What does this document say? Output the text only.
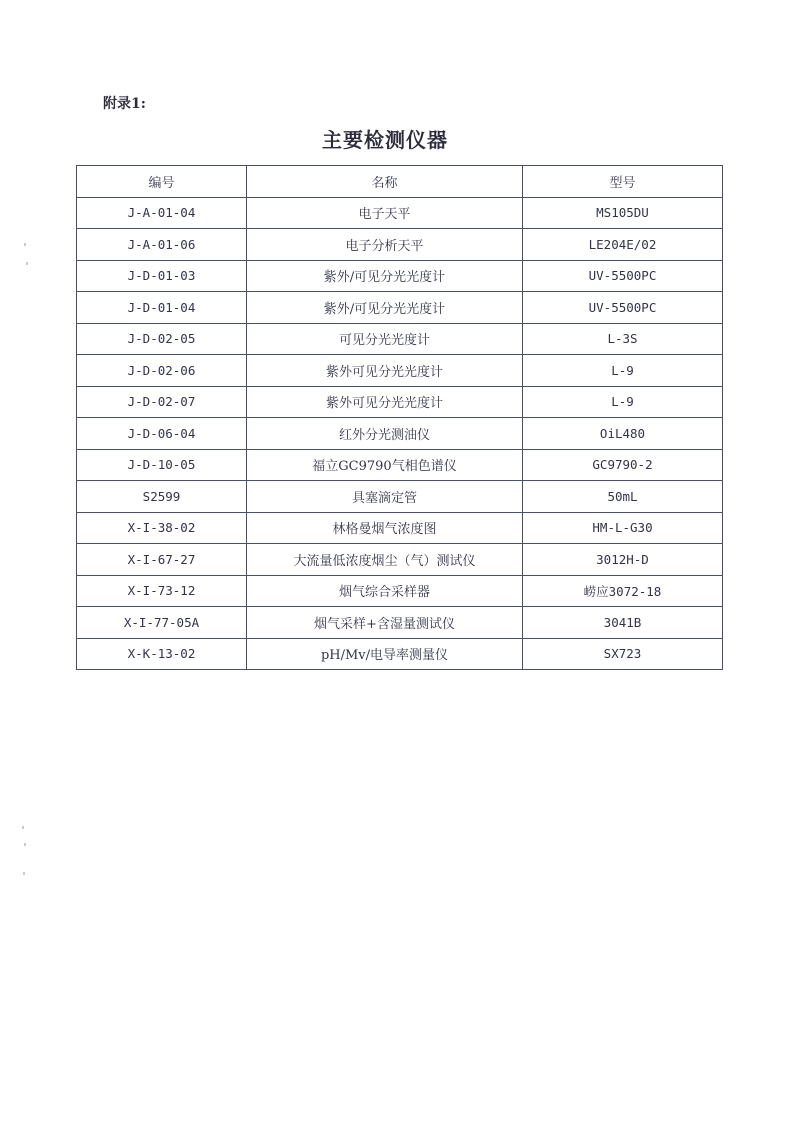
附录1:
主要检测仪器
编号	名称	型号
J-A-01-04	电子天平	MS105DU
J-A-01-06	电子分析天平	LE204E/02
J-D-01-03	紫外/可见分光光度计	UV-5500PC
J-D-01-04	紫外/可见分光光度计	UV-5500PC
J-D-02-05	可见分光光度计	L-3S
J-D-02-06	紫外可见分光光度计	L-9
J-D-02-07	紫外可见分光光度计	L-9
J-D-06-04	红外分光测油仪	OiL480
J-D-10-05	福立GC9790气相色谱仪	GC9790-2
S2599	具塞滴定管	50mL
X-I-38-02	林格曼烟气浓度图	HM-L-G30
X-I-67-27	大流量低浓度烟尘（气）测试仪	3012H-D
X-I-73-12	烟气综合采样器	崂应3072-18
X-I-77-05A	烟气采样+含湿量测试仪	3041B
X-K-13-02	pH/Mv/电导率测量仪	SX723
